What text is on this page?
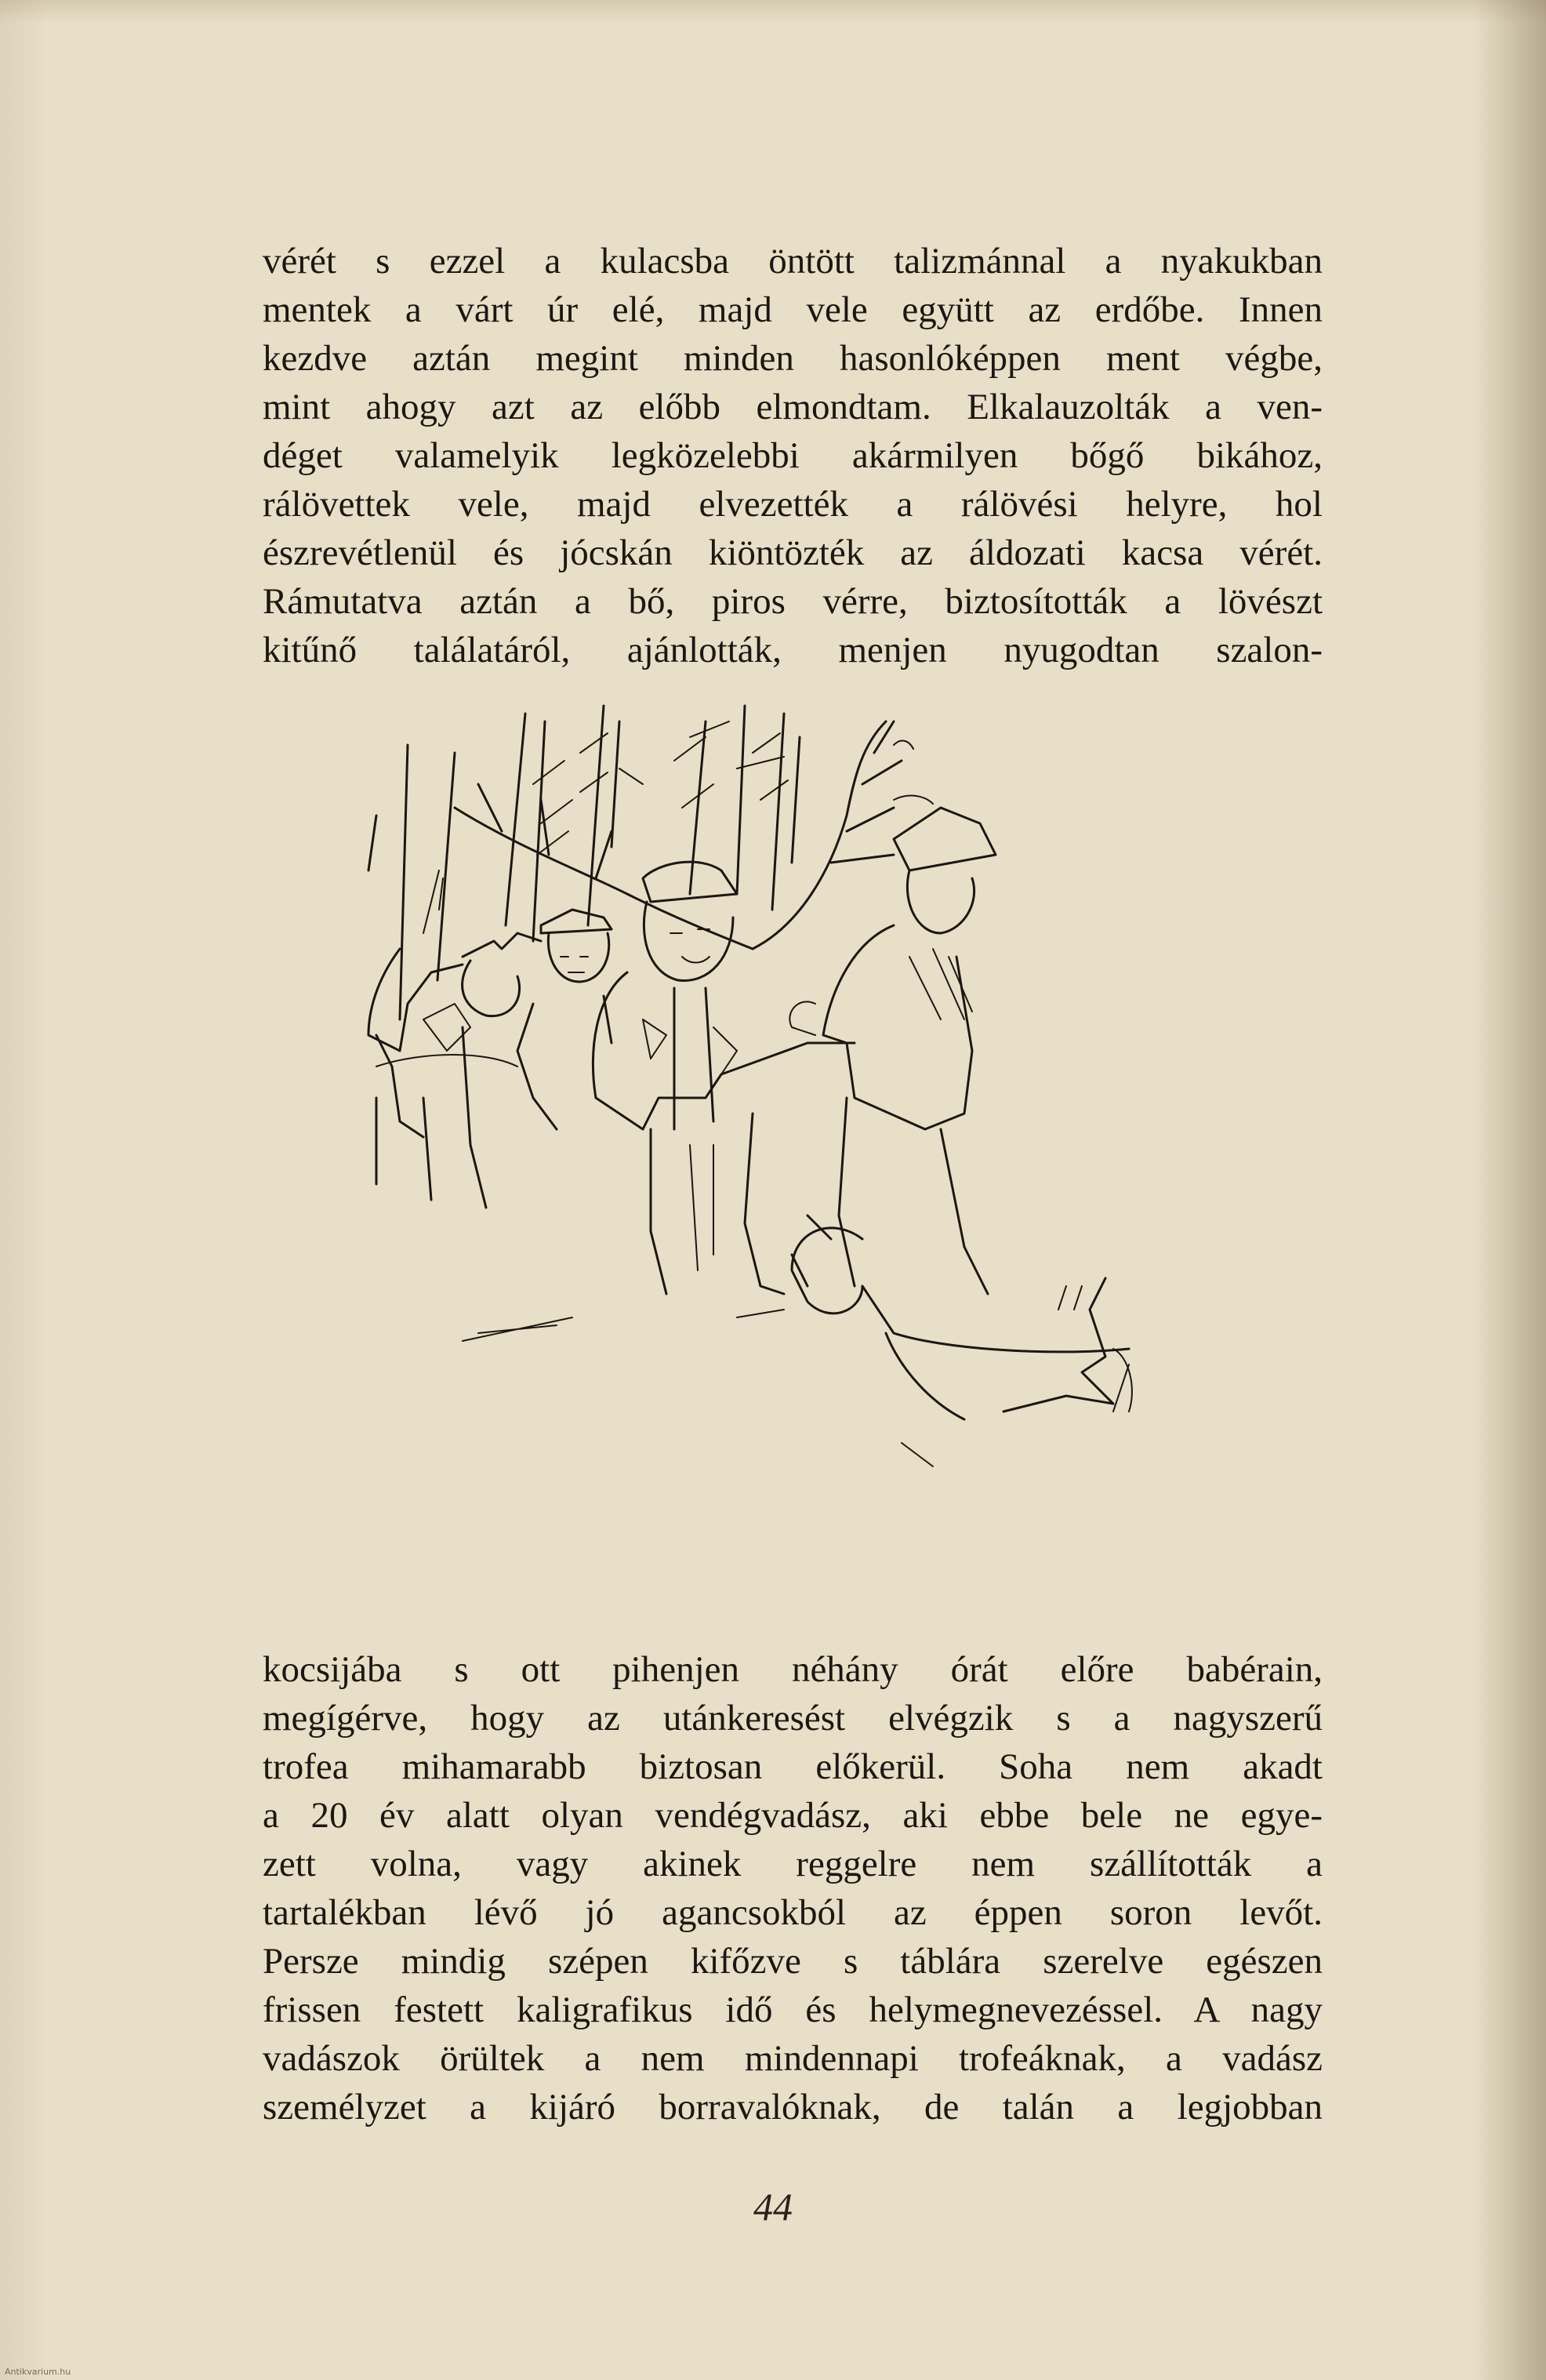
vérét s ezzel a kulacsba öntött talizmánnal a nyakukban
mentek a várt úr elé, majd vele együtt az erdőbe. Innen
kezdve aztán megint minden hasonlóképpen ment végbe,
mint ahogy azt az előbb elmondtam. Elkalauzolták a ven-
déget valamelyik legközelebbi akármilyen bőgő bikához,
rálövettek vele, majd elvezették a rálövési helyre, hol
észrevétlenül és jócskán kiöntözték az áldozati kacsa vérét.
Rámutatva aztán a bő, piros vérre, biztosították a lövészt
kitűnő találatáról, ajánlották, menjen nyugodtan szalon-
kocsijába s ott pihenjen néhány órát előre babérain,
megígérve, hogy az utánkeresést elvégzik s a nagyszerű
trofea mihamarabb biztosan előkerül. Soha nem akadt
a 20 év alatt olyan vendégvadász, aki ebbe bele ne egye-
zett volna, vagy akinek reggelre nem szállították a
tartalékban lévő jó agancsokból az éppen soron levőt.
Persze mindig szépen kifőzve s táblára szerelve egészen
frissen festett kaligrafikus idő és helymegnevezéssel. A nagy
vadászok örültek a nem mindennapi trofeáknak, a vadász
személyzet a kijáró borravalóknak, de talán a legjobban
44
Antikvarium.hu
